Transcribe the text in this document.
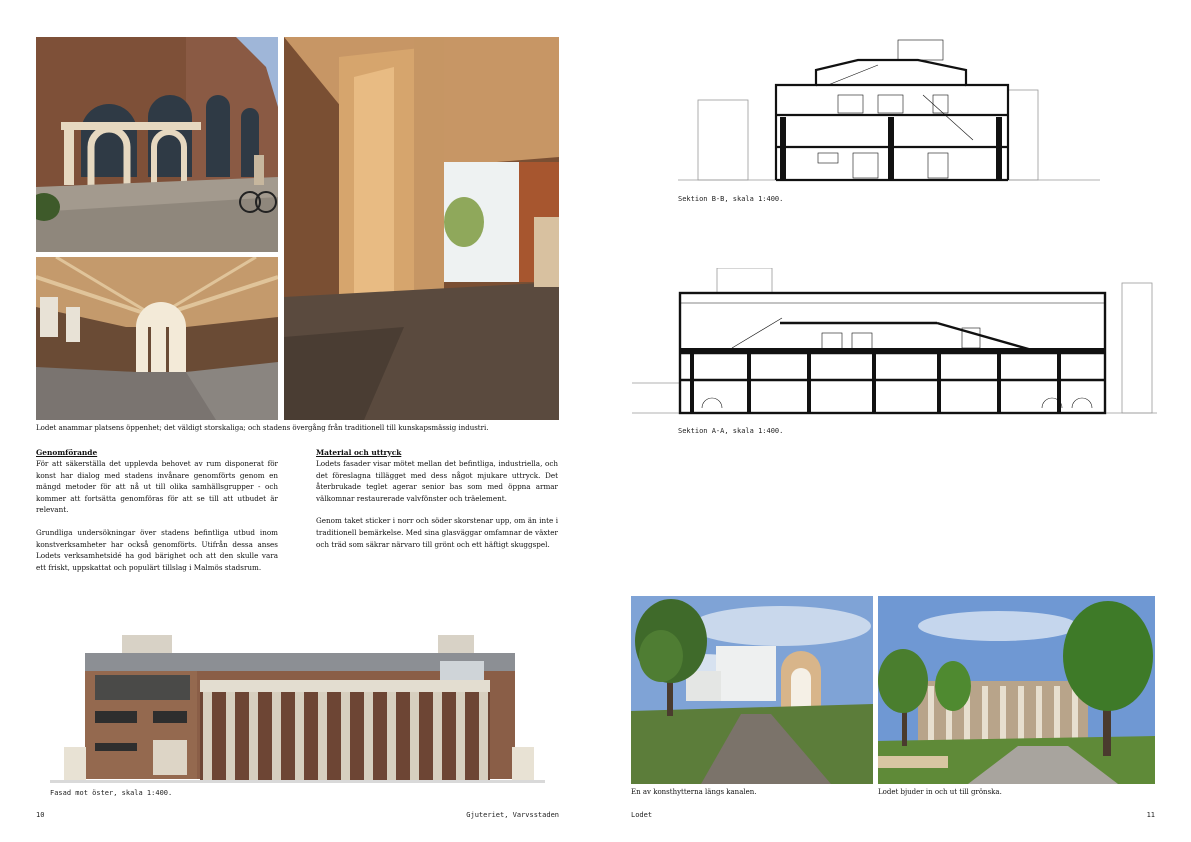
Lodet anammar platsens öppenhet; det väldigt storskaliga; och stadens övergång från traditionell till kunskapsmässig industri.
Genomförande

För att säkerställa det upplevda behovet av rum disponerat för konst har dialog med stadens invånare genomförts genom en mängd metoder för att nå ut till olika samhällsgrupper - och kommer att fortsätta genomföras för att se till att utbudet är relevant.

Grundliga undersökningar över stadens befintliga utbud inom konstverksamheter har också genomförts. Utifrån dessa anses Lodets verksamhetsidé ha god bärighet och att den skulle vara ett friskt, uppskattat och populärt tillslag i Malmös stadsrum.

Material och uttryck

Lodets fasader visar mötet mellan det befintliga, industriella, och det föreslagna tillägget med dess något mjukare uttryck. Det återbrukade teglet agerar senior bas som med öppna armar välkomnar restaurerade valvfönster och träelement.

Genom taket sticker i norr och söder skorstenar upp, om än inte i traditionell bemärkelse. Med sina glasväggar omfamnar de växter och träd som säkrar närvaro till grönt och ett häftigt skuggspel.

Fasad mot öster, skala 1:400.
10	Gjuteriet, Varvsstaden
Sektion B-B, skala 1:400.
Sektion A-A, skala 1:400.
En av konsthytterna längs kanalen.	Lodet bjuder in och ut till grönska.
Lodet	11
